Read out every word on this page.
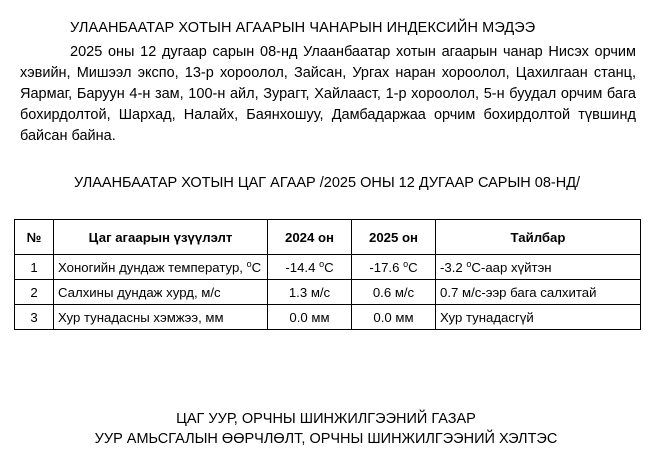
УЛААНБААТАР ХОТЫН АГААРЫН ЧАНАРЫН ИНДЕКСИЙН МЭДЭЭ

2025 оны 12 дугаар сарын 08-нд Улаанбаатар хотын агаарын чанар Нисэх орчим хэвийн, Мишээл экспо, 13-р хороолол, Зайсан, Ургах наран хороолол, Цахилгаан станц, Яармаг, Баруун 4-н зам, 100-н айл, Зурагт, Хайлааст, 1-р хороолол, 5-н буудал орчим бага бохирдолтой, Шархад, Налайх, Баянхошуу, Дамбадаржаа орчим бохирдолтой түвшинд байсан байна.

УЛААНБААТАР ХОТЫН ЦАГ АГААР /2025 ОНЫ 12 ДУГААР САРЫН 08-НД/
№	Цаг агаарын үзүүлэлт	2024 он	2025 он	Тайлбар
1	Хоногийн дундаж температур, $^о$C	-14.4 $^о$C	-17.6 $^о$C	-3.2 $^о$C-аар хүйтэн
2	Салхины дундаж хурд, м/с	1.3 м/с	0.6 м/с	0.7 м/с-ээр бага салхитай
3	Хур тунадасны хэмжээ, мм	0.0 мм	0.0 мм	Хур тунадасгүй
ЦАГ УУР, ОРЧНЫ ШИНЖИЛГЭЭНИЙ ГАЗАР
УУР АМЬСГАЛЫН ӨӨРЧЛӨЛТ, ОРЧНЫ ШИНЖИЛГЭЭНИЙ ХЭЛТЭС
